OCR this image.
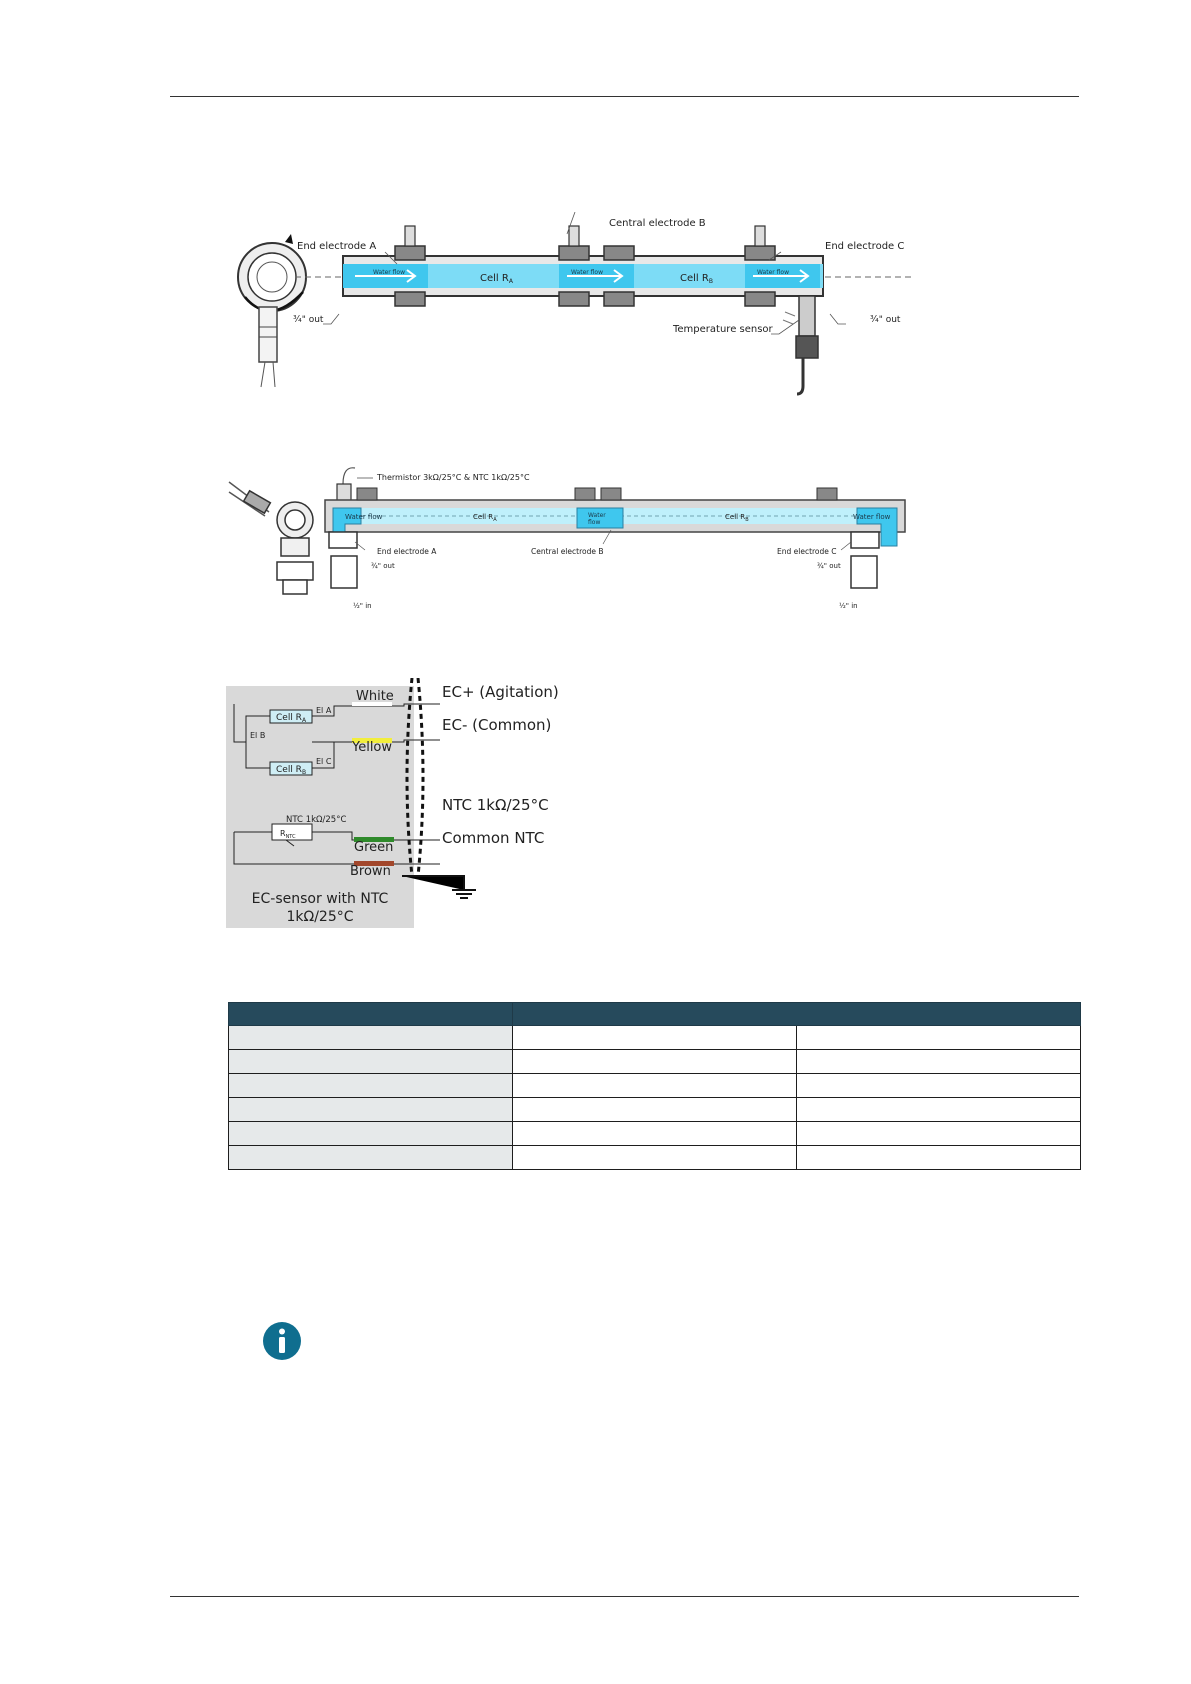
Water flow	Water flow	Water flow
Cell $R_A$	Cell $R_B$
End electrode A
Central electrode B
End electrode C
¾" out	¾" out
Temperature sensor
Thermistor 3kΩ/25°C & NTC 1kΩ/25°C
Water flow	Water
flow
Water flow
Cell $R_A$	Cell $R_B$
End electrode A	Central electrode B	End electrode C
¾" out	¾" out
½" in	½" in
Cell $R_A$
Cell $R_B$
El A
El B
El C
$R_{NTC}$
NTC 1kΩ/25°C
White
Yellow
Green
Brown
EC+ (Agitation)
EC- (Common)
NTC 1kΩ/25°C
Common NTC
EC-sensor with NTC
1kΩ/25°C
